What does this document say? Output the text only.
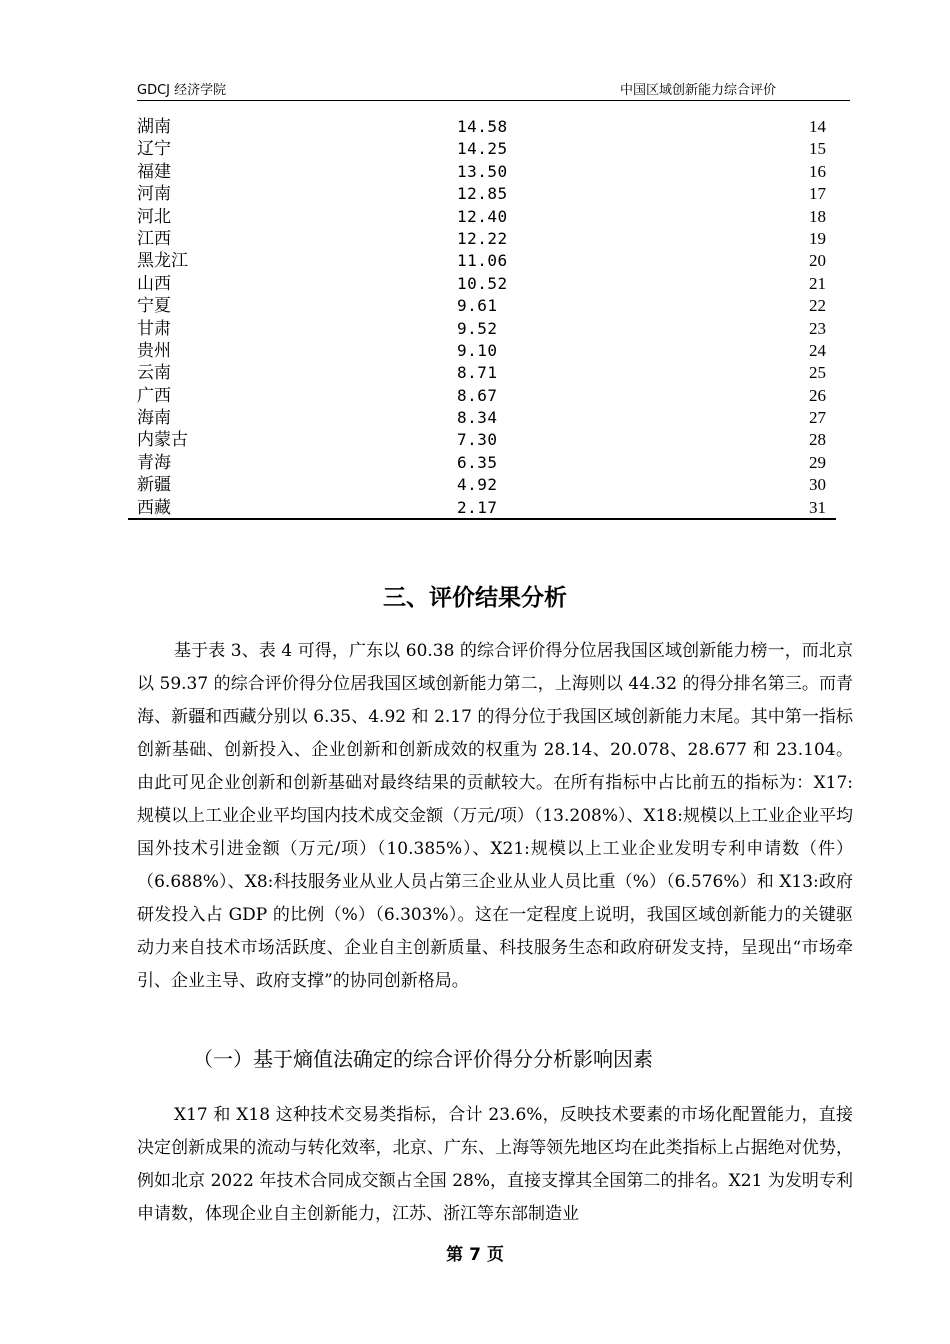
GDCJ 经济学院	中国区域创新能力综合评价
湖南	14.58	14
辽宁	14.25	15
福建	13.50	16
河南	12.85	17
河北	12.40	18
江西	12.22	19
黑龙江	11.06	20
山西	10.52	21
宁夏	9.61	22
甘肃	9.52	23
贵州	9.10	24
云南	8.71	25
广西	8.67	26
海南	8.34	27
内蒙古	7.30	28
青海	6.35	29
新疆	4.92	30
西藏	2.17	31
三、评价结果分析
基于表 3、表 4 可得，广东以 60.38 的综合评价得分位居我国区域创新能力榜一，而北京以 59.37 的综合评价得分位居我国区域创新能力第二，上海则以 44.32 的得分排名第三。而青海、新疆和西藏分别以 6.35、4.92 和 2.17 的得分位于我国区域创新能力末尾。其中第一指标创新基础、创新投入、企业创新和创新成效的权重为 28.14、20.078、28.677 和 23.104。由此可见企业创新和创新基础对最终结果的贡献较大。在所有指标中占比前五的指标为：X17:规模以上工业企业平均国内技术成交金额（万元/项）（13.208%）、X18:规模以上工业企业平均国外技术引进金额（万元/项）（10.385%）、X21:规模以上工业企业发明专利申请数（件）（6.688%）、X8:科技服务业从业人员占第三企业从业人员比重（%）（6.576%）和 X13:政府研发投入占 GDP 的比例（%）（6.303%）。这在一定程度上说明，我国区域创新能力的关键驱动力来自技术市场活跃度、企业自主创新质量、科技服务生态和政府研发支持，呈现出“市场牵引、企业主导、政府支撑”的协同创新格局。
（一）基于熵值法确定的综合评价得分分析影响因素
X17 和 X18 这种技术交易类指标，合计 23.6%，反映技术要素的市场化配置能力，直接决定创新成果的流动与转化效率，北京、广东、上海等领先地区均在此类指标上占据绝对优势，例如北京 2022 年技术合同成交额占全国 28%，直接支撑其全国第二的排名。X21 为发明专利申请数，体现企业自主创新能力，江苏、浙江等东部制造业
第 7 页
